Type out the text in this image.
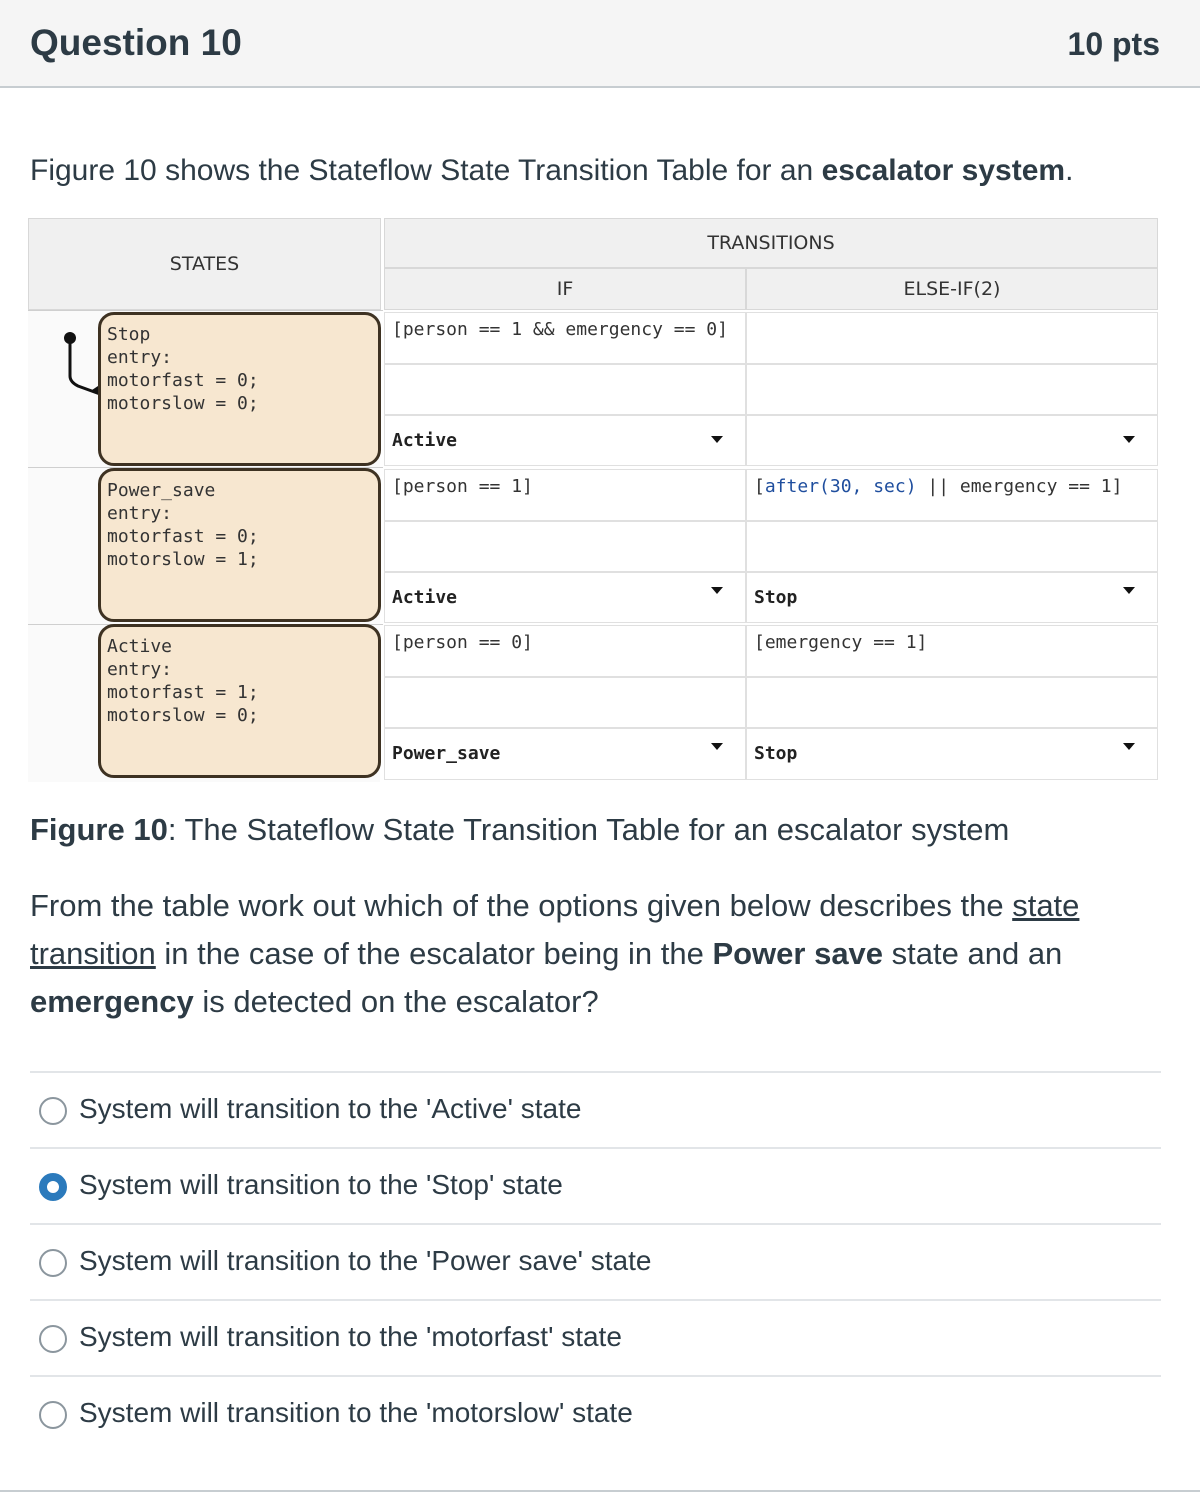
Question 10	10 pts
Figure 10 shows the Stateflow State Transition Table for an escalator system.
STATES
TRANSITIONS
IF	ELSE-IF(2)
Stop
entry:
motorfast = 0;
motorslow = 0;
[person == 1 && emergency == 0]
Active
Power_save
entry:
motorfast = 0;
motorslow = 1;
[person == 1]
Active
[after(30, sec) || emergency == 1]
Stop
Active
entry:
motorfast = 1;
motorslow = 0;
[person == 0]
Power_save
[emergency == 1]
Stop
Figure 10: The Stateflow State Transition Table for an escalator system
From the table work out which of the options given below describes the state transition in the case of the escalator being in the Power save state and an emergency is detected on the escalator?
System will transition to the 'Active' state
System will transition to the 'Stop' state
System will transition to the 'Power save' state
System will transition to the 'motorfast' state
System will transition to the 'motorslow' state
